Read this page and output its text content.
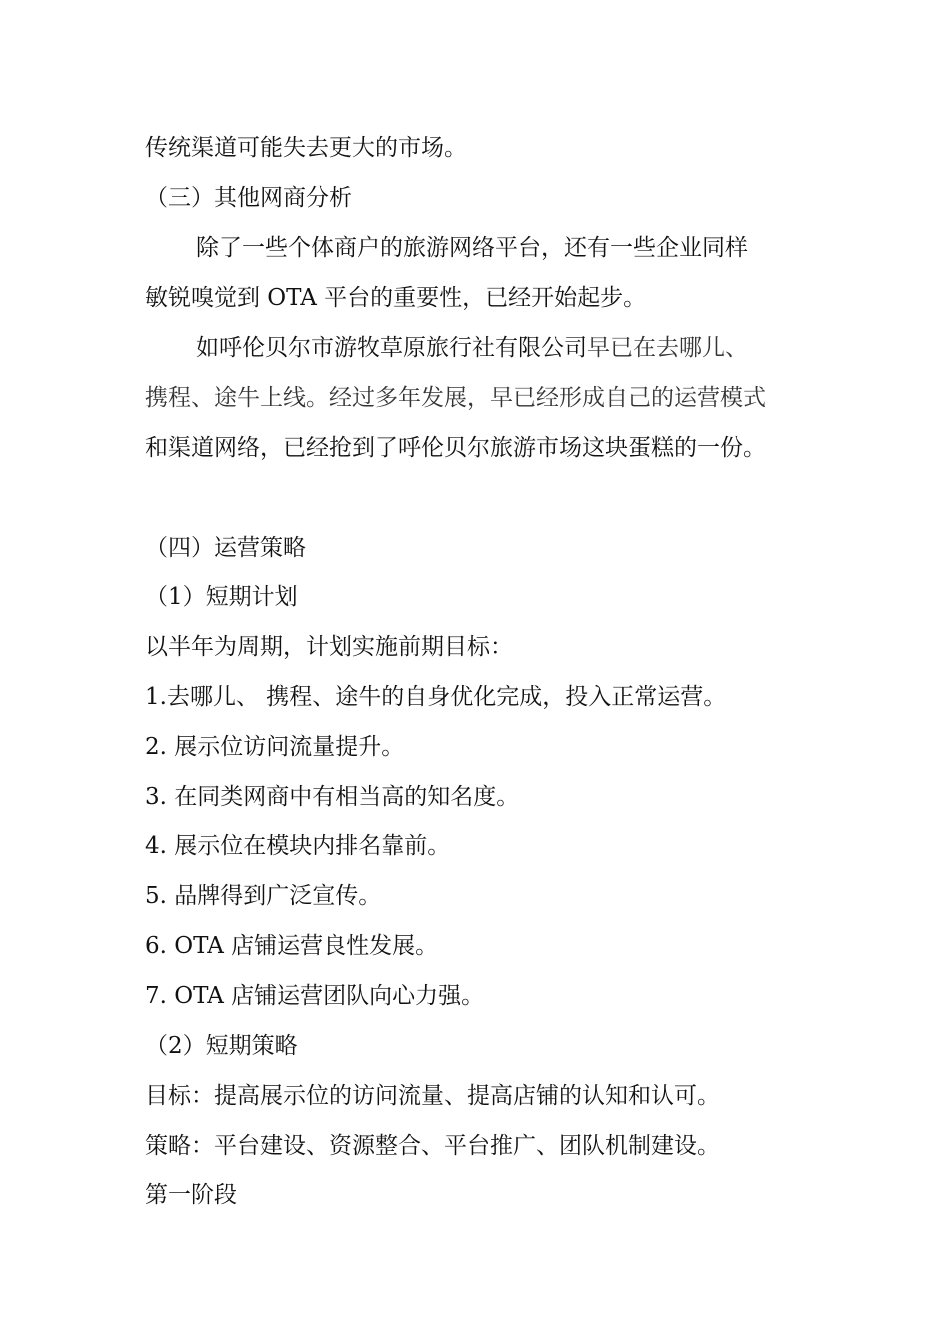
传统渠道可能失去更大的市场。
（三）其他网商分析
除了一些个体商户的旅游网络平台，还有一些企业同样
敏锐嗅觉到 OTA 平台的重要性，已经开始起步。
如呼伦贝尔市游牧草原旅行社有限公司早已在去哪儿、
携程、途牛上线。经过多年发展，早已经形成自己的运营模式
和渠道网络，已经抢到了呼伦贝尔旅游市场这块蛋糕的一份。
（四）运营策略
（1）短期计划
以半年为周期，计划实施前期目标：
1.去哪儿、 携程、途牛的自身优化完成，投入正常运营。
2. 展示位访问流量提升。
3. 在同类网商中有相当高的知名度。
4. 展示位在模块内排名靠前。
5. 品牌得到广泛宣传。
6. OTA 店铺运营良性发展。
7. OTA 店铺运营团队向心力强。
（2）短期策略
目标：提高展示位的访问流量、提高店铺的认知和认可。
策略：平台建设、资源整合、平台推广、团队机制建设。
第一阶段
